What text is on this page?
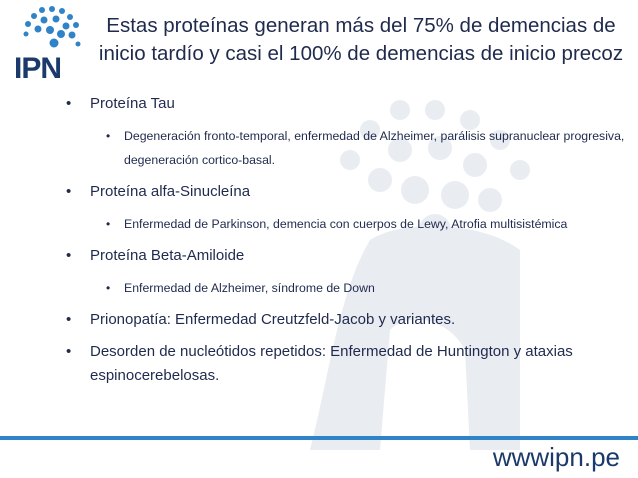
IPN
Estas proteínas generan más del 75% de demencias de
inicio tardío y casi el 100% de demencias de inicio precoz
• Proteína Tau
• Degeneración fronto-temporal, enfermedad de Alzheimer, parálisis supranuclear progresiva, degeneración cortico-basal.
• Proteína alfa-Sinucleína
• Enfermedad de Parkinson, demencia con cuerpos de Lewy, Atrofia multisistémica
• Proteína Beta-Amiloide
• Enfermedad de Alzheimer, síndrome de Down
• Prionopatía: Enfermedad Creutzfeld-Jacob y variantes.
• Desorden de nucleótidos repetidos: Enfermedad de Huntington y ataxias espinocerebelosas.
wwwipn.pe
